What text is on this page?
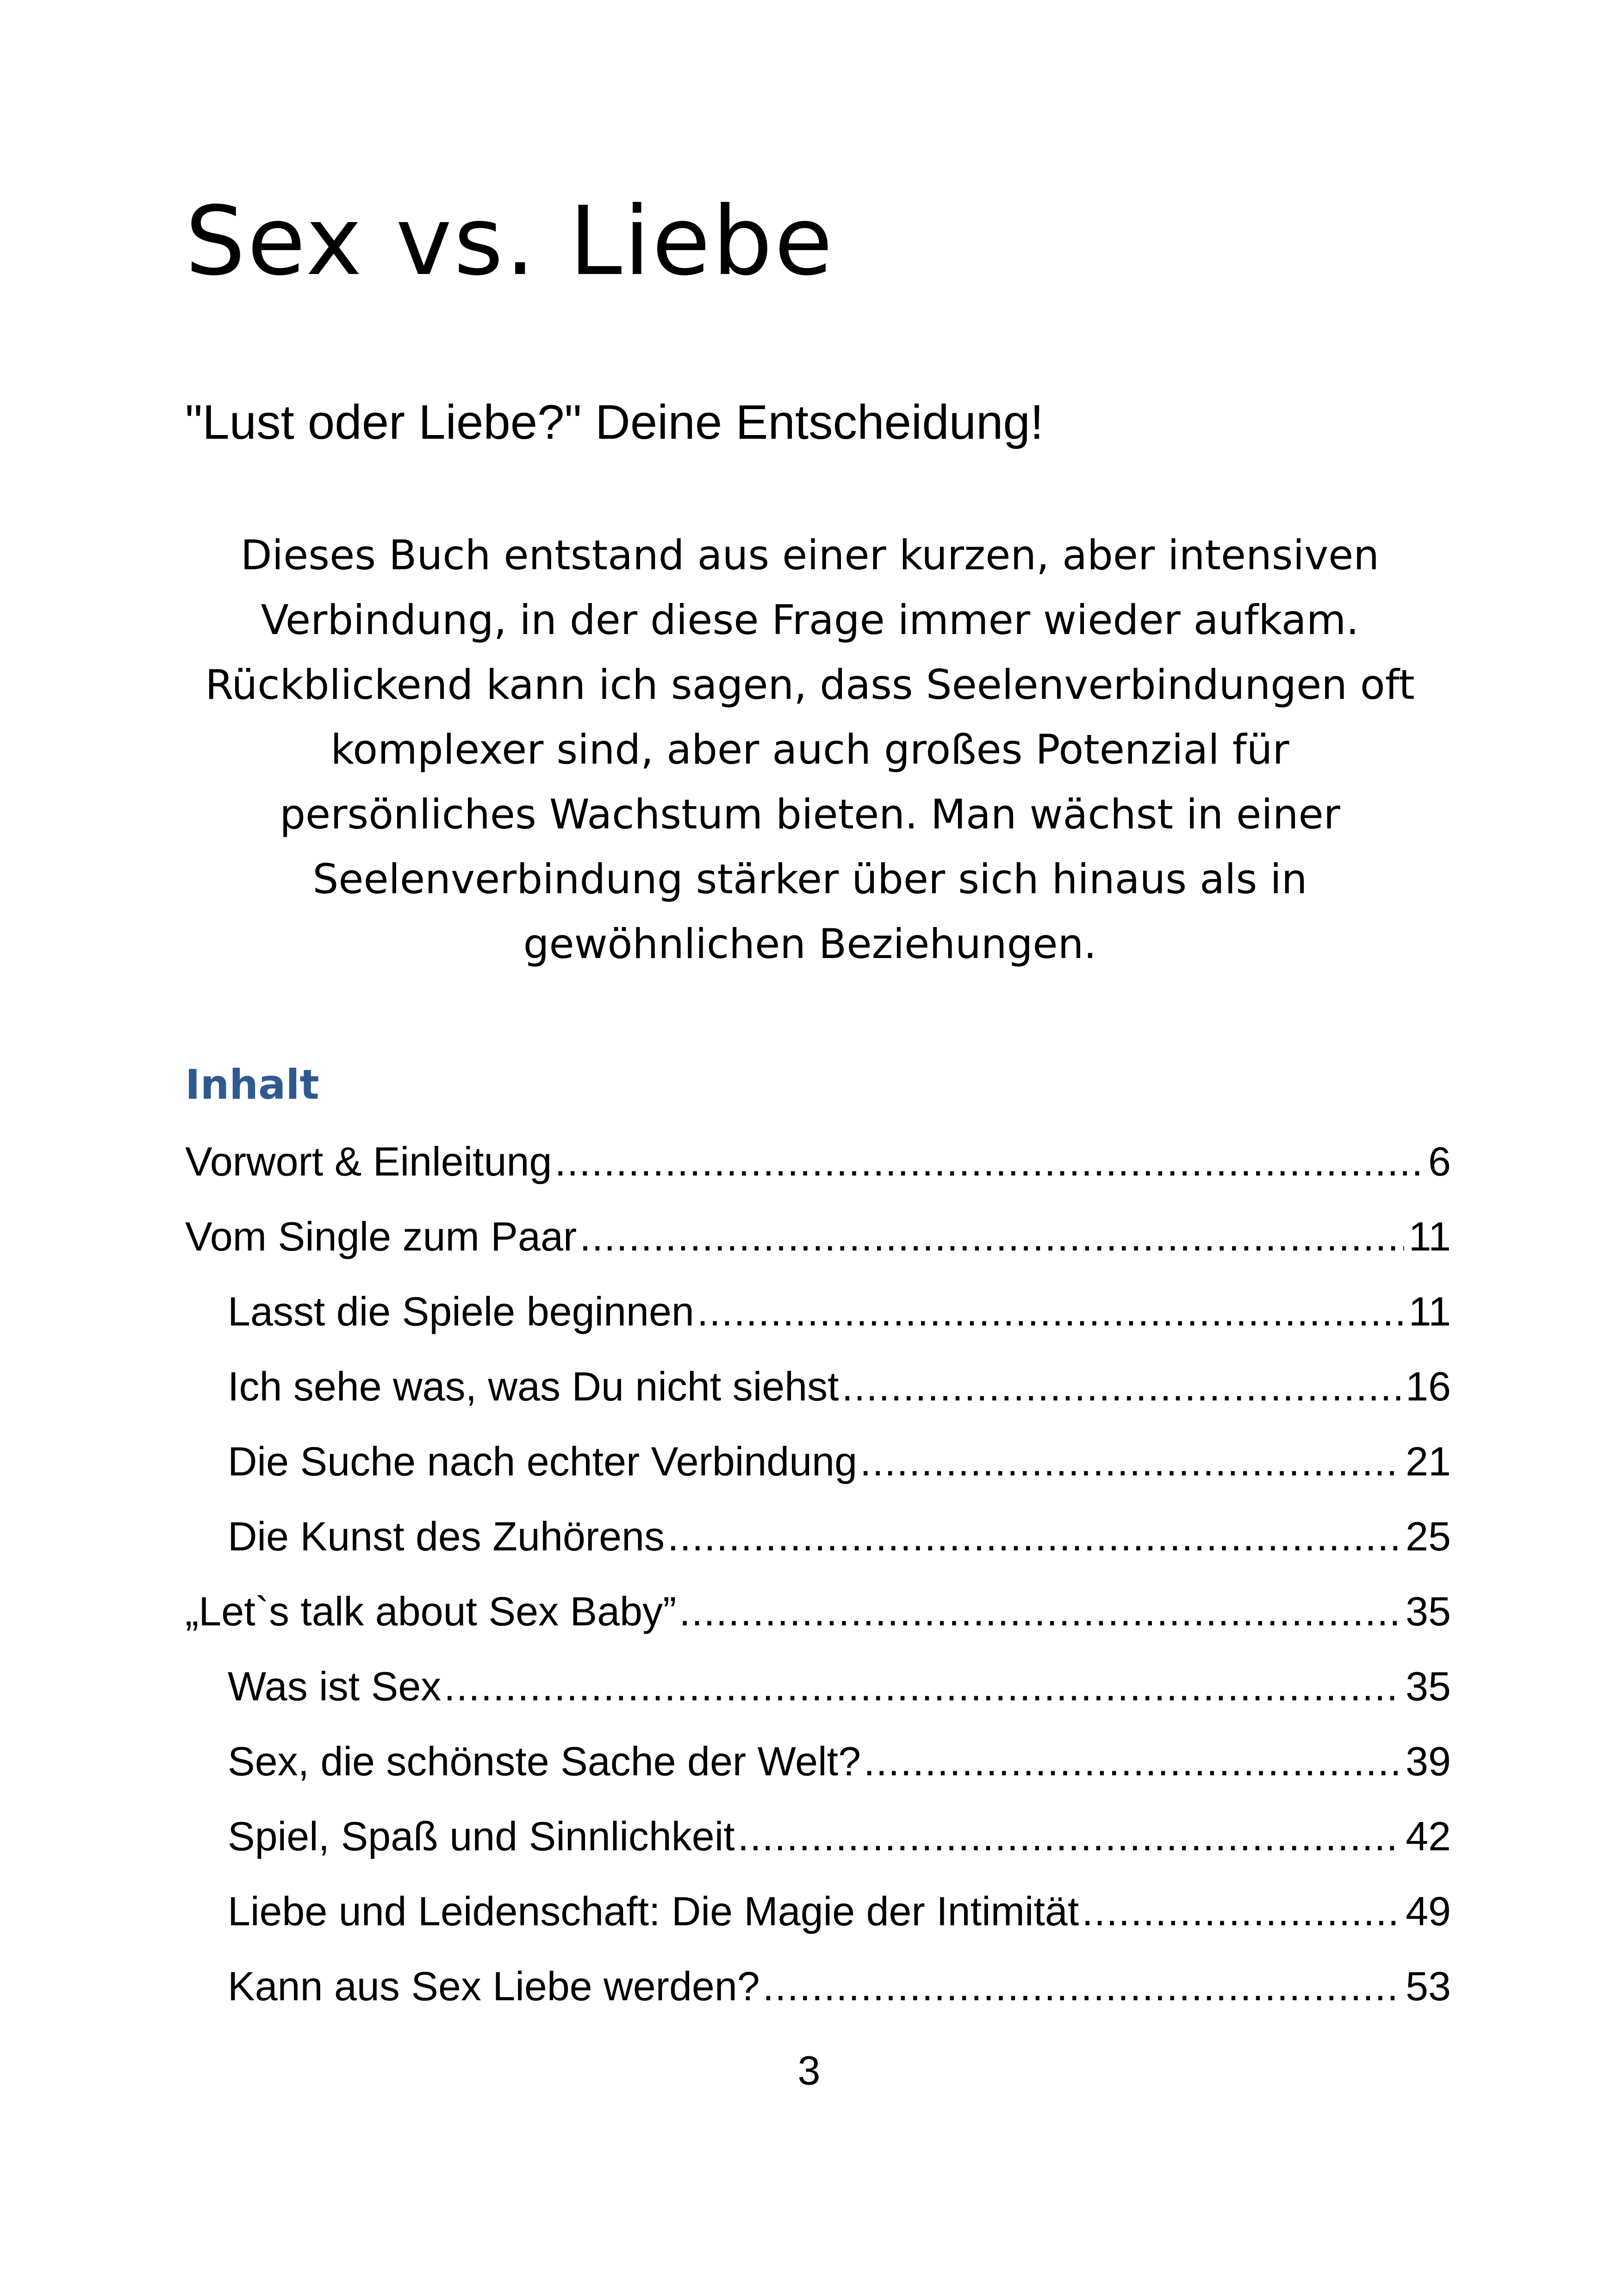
Sex vs. Liebe
"Lust oder Liebe?" Deine Entscheidung!

Dieses Buch entstand aus einer kurzen, aber intensiven
Verbindung, in der diese Frage immer wieder aufkam.
Rückblickend kann ich sagen, dass Seelenverbindungen oft
komplexer sind, aber auch großes Potenzial für
persönliches Wachstum bieten. Man wächst in einer
Seelenverbindung stärker über sich hinaus als in
gewöhnlichen Beziehungen.

Inhalt
Vorwort & Einleitung .....	6
Vom Single zum Paar .....	11
Lasst die Spiele beginnen .....	11
Ich sehe was, was Du nicht siehst .....	16
Die Suche nach echter Verbindung .....	21
Die Kunst des Zuhörens .....	25
„Let`s talk about Sex Baby” .....	35
Was ist Sex .....	35
Sex, die schönste Sache der Welt? .....	39
Spiel, Spaß und Sinnlichkeit .....	42
Liebe und Leidenschaft: Die Magie der Intimität .....	49
Kann aus Sex Liebe werden? .....	53
3
